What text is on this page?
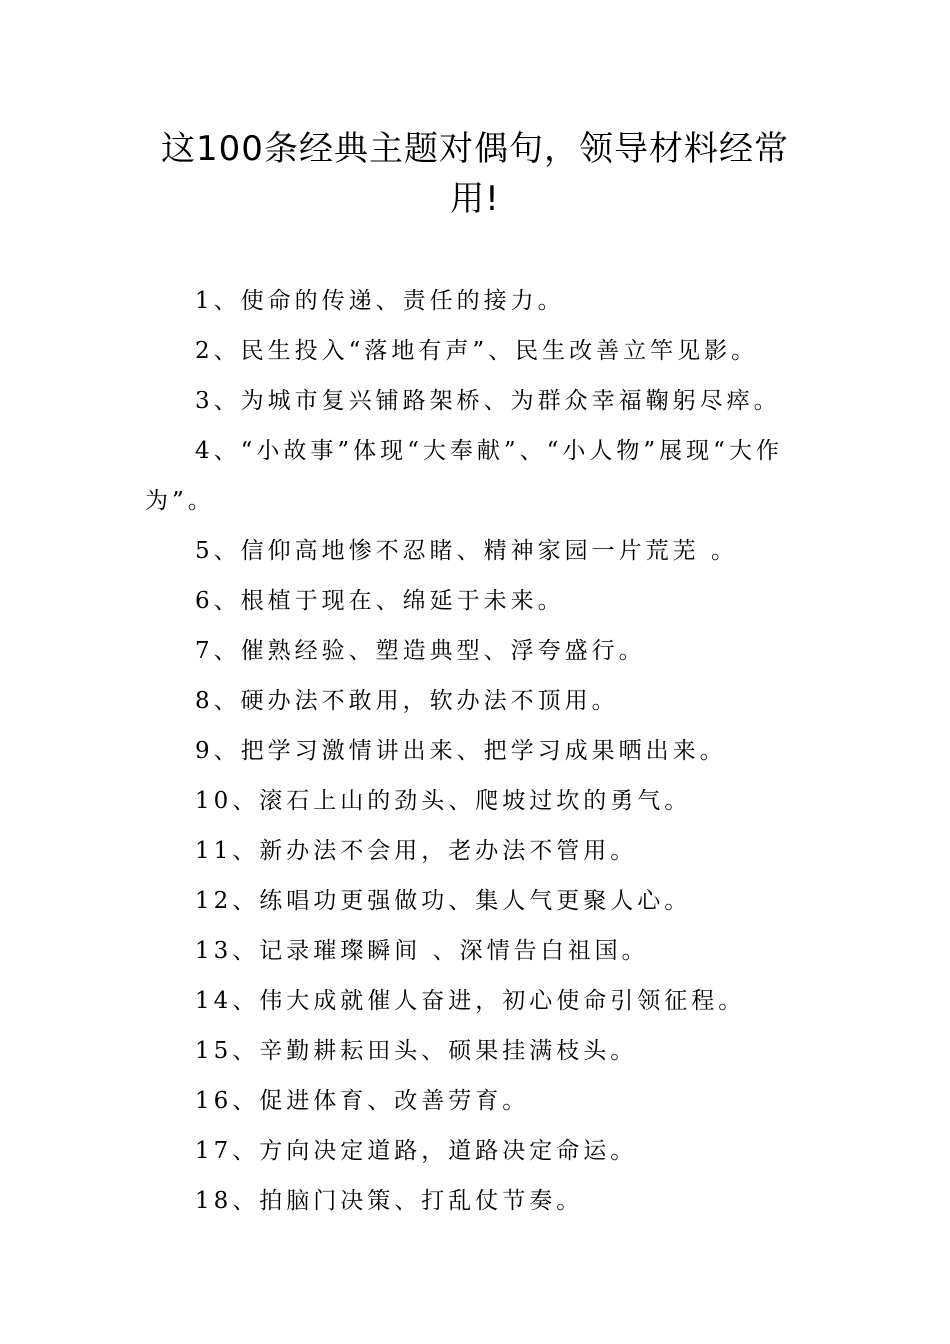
这100条经典主题对偶句，领导材料经常用!

1、使命的传递、责任的接力。

2、民生投入“落地有声”、民生改善立竿见影。

3、为城市复兴铺路架桥、为群众幸福鞠躬尽瘁。

4、“小故事”体现“大奉献”、“小人物”展现“大作为”。

5、信仰高地惨不忍睹、精神家园一片荒芜 。

6、根植于现在、绵延于未来。

7、催熟经验、塑造典型、浮夸盛行。

8、硬办法不敢用，软办法不顶用。

9、把学习激情讲出来、把学习成果晒出来。

10、滚石上山的劲头、爬坡过坎的勇气。

11、新办法不会用，老办法不管用。

12、练唱功更强做功、集人气更聚人心。

13、记录璀璨瞬间 、深情告白祖国。

14、伟大成就催人奋进，初心使命引领征程。

15、辛勤耕耘田头、硕果挂满枝头。

16、促进体育、改善劳育。

17、方向决定道路，道路决定命运。

18、拍脑门决策、打乱仗节奏。
